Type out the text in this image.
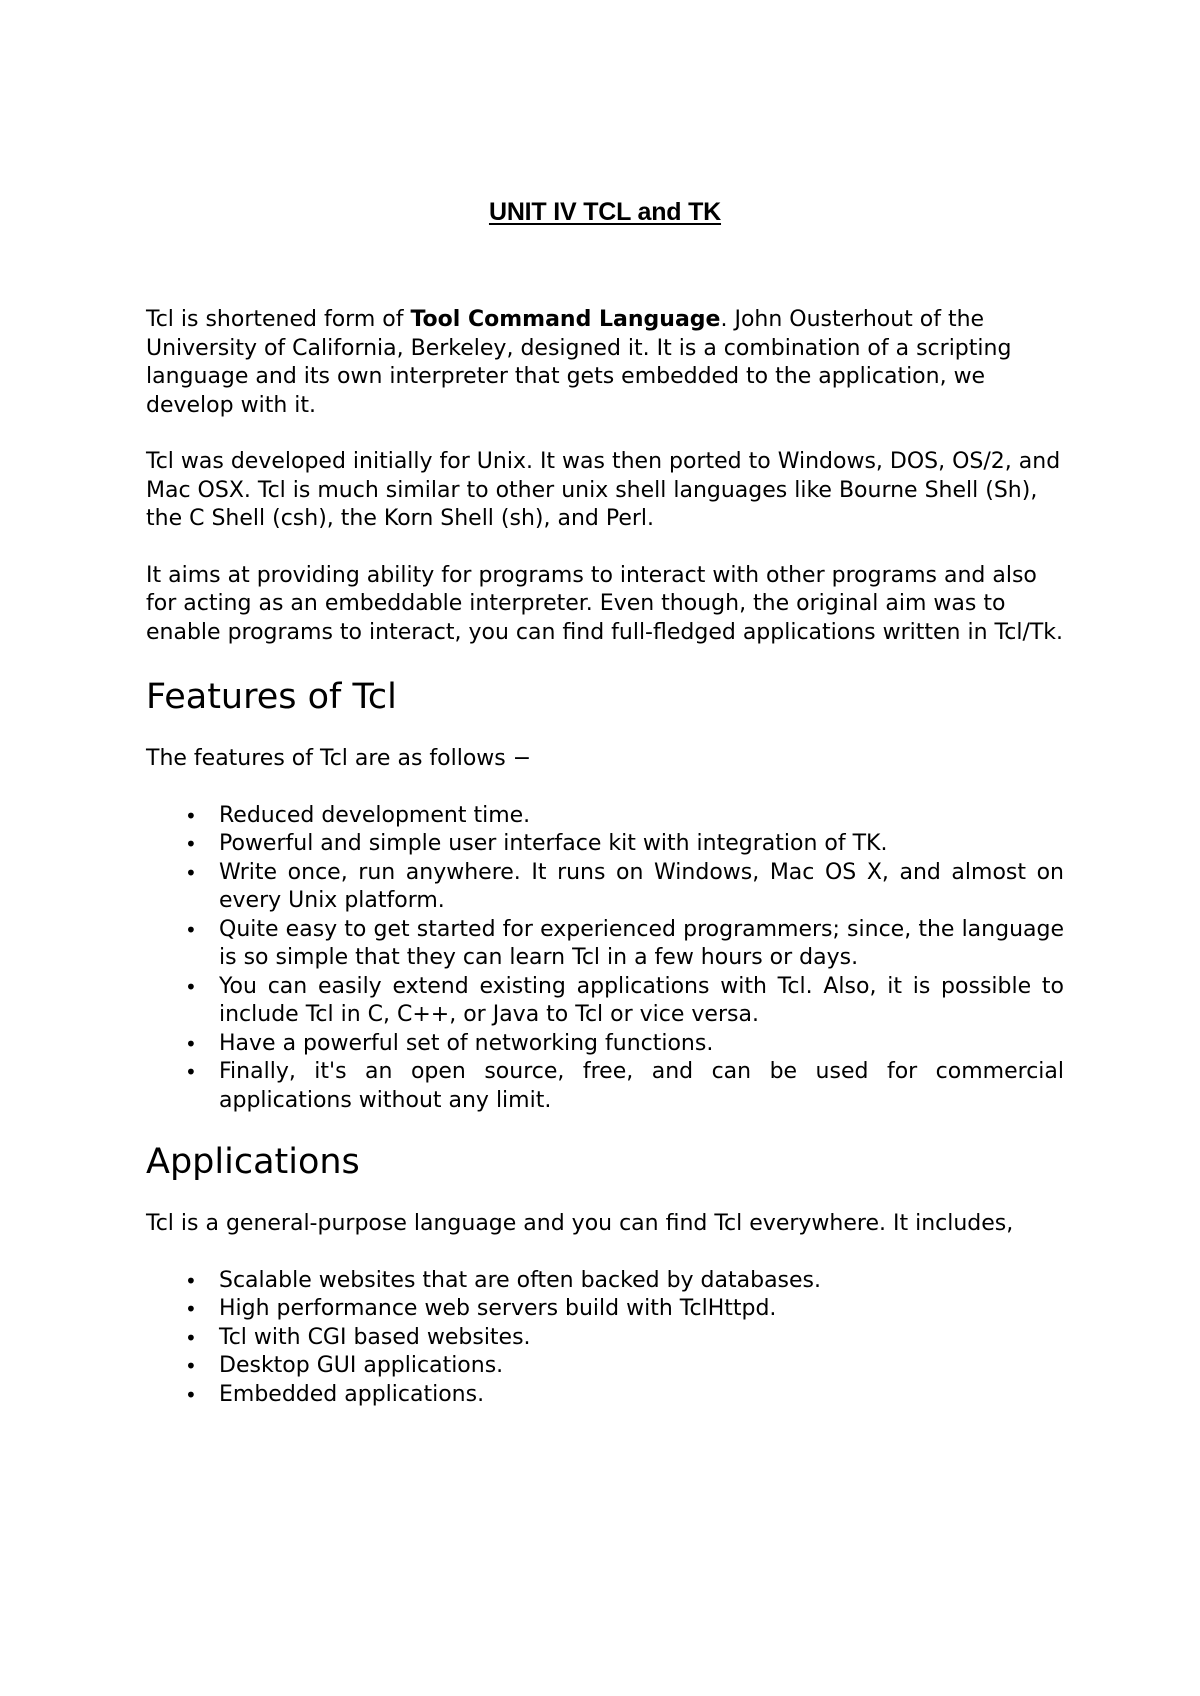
UNIT IV TCL and TK

Tcl is shortened form of Tool Command Language. John Ousterhout of the University of California, Berkeley, designed it. It is a combination of a scripting language and its own interpreter that gets embedded to the application, we develop with it.

Tcl was developed initially for Unix. It was then ported to Windows, DOS, OS/2, and Mac OSX. Tcl is much similar to other unix shell languages like Bourne Shell (Sh), the C Shell (csh), the Korn Shell (sh), and Perl.

It aims at providing ability for programs to interact with other programs and also for acting as an embeddable interpreter. Even though, the original aim was to enable programs to interact, you can find full-fledged applications written in Tcl/Tk.

Features of Tcl

The features of Tcl are as follows −

• Reduced development time.
• Powerful and simple user interface kit with integration of TK.
• Write once, run anywhere. It runs on Windows, Mac OS X, and almost on every Unix platform.
• Quite easy to get started for experienced programmers; since, the language is so simple that they can learn Tcl in a few hours or days.
• You can easily extend existing applications with Tcl. Also, it is possible to include Tcl in C, C++, or Java to Tcl or vice versa.
• Have a powerful set of networking functions.
• Finally, it's an open source, free, and can be used for commercial applications without any limit.
Applications

Tcl is a general-purpose language and you can find Tcl everywhere. It includes,

• Scalable websites that are often backed by databases.
• High performance web servers build with TclHttpd.
• Tcl with CGI based websites.
• Desktop GUI applications.
• Embedded applications.
